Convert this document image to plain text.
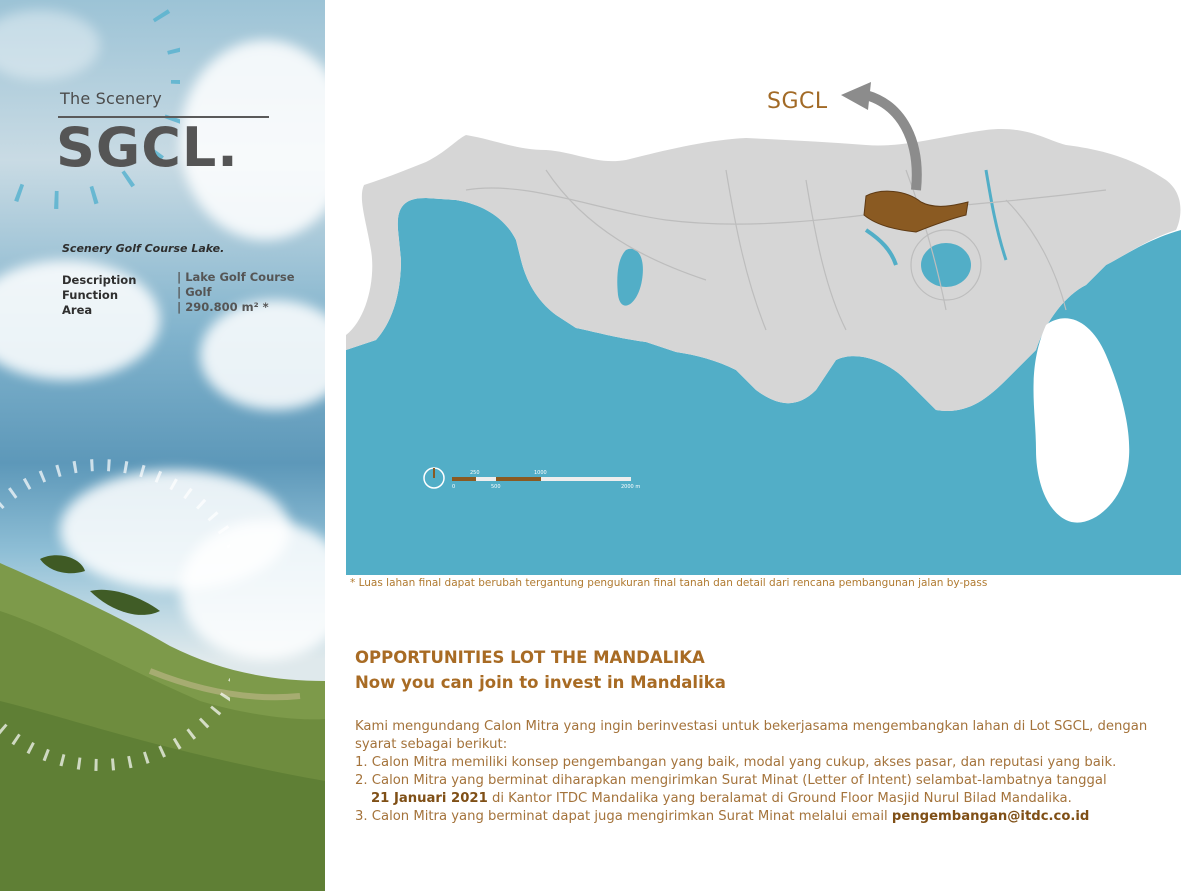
The Scenery
SGCL.
Scenery Golf Course Lake.
Description
Function
Area
| Lake Golf Course
| Golf
| 290.800 m² *
0
250
500
1000
2000 m
SGCL
* Luas lahan final dapat berubah tergantung pengukuran final tanah dan detail dari rencana pembangunan jalan by-pass
OPPORTUNITIES LOT THE MANDALIKA
Now you can join to invest in Mandalika

Kami mengundang Calon Mitra yang ingin berinvestasi untuk bekerjasama mengembangkan lahan di Lot SGCL, dengan

syarat sebagai berikut:

1. Calon Mitra memiliki konsep pengembangan yang baik, modal yang cukup, akses pasar, dan reputasi yang baik.

2. Calon Mitra yang berminat diharapkan mengirimkan Surat Minat (Letter of Intent) selambat-lambatnya tanggal

21 Januari 2021 di Kantor ITDC Mandalika yang beralamat di Ground Floor Masjid Nurul Bilad Mandalika.

3. Calon Mitra yang berminat dapat juga mengirimkan Surat Minat melalui email pengembangan@itdc.co.id
